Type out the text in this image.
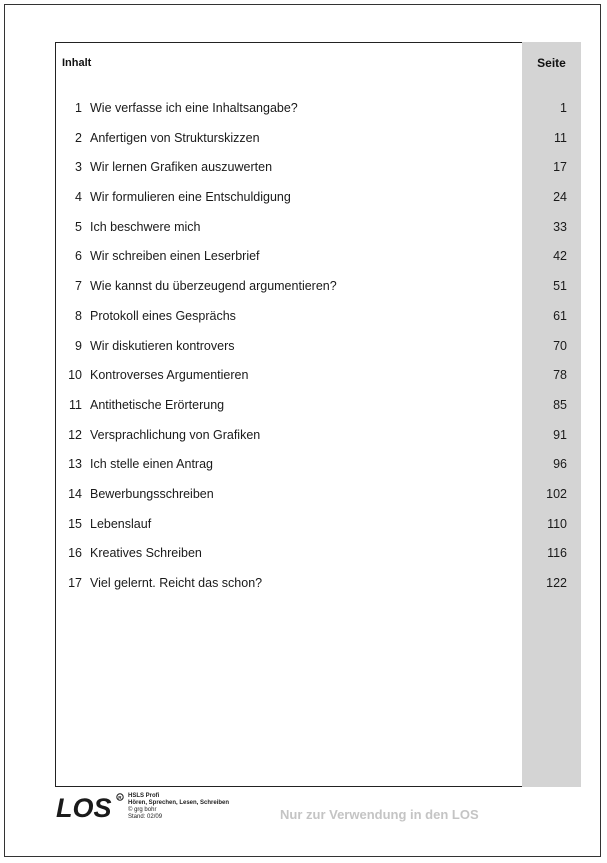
Inhalt	Seite
1 Wie verfasse ich eine Inhaltsangabe?	1
2 Anfertigen von Strukturskizzen	11
3 Wir lernen Grafiken auszuwerten	17
4 Wir formulieren eine Entschuldigung	24
5 Ich beschwere mich	33
6 Wir schreiben einen Leserbrief	42
7 Wie kannst du überzeugend argumentieren?	51
8 Protokoll eines Gesprächs	61
9 Wir diskutieren kontrovers	70
10 Kontroverses Argumentieren	78
11 Antithetische Erörterung	85
12 Versprachlichung von Grafiken	91
13 Ich stelle einen Antrag	96
14 Bewerbungsschreiben	102
15 Lebenslauf	110
16 Kreatives Schreiben	116
17 Viel gelernt. Reicht das schon?	122
LOS R HSLS Profi
Hören, Sprechen, Lesen, Schreiben
© grg bohr
Stand: 02/09	Nur zur Verwendung in den LOS
